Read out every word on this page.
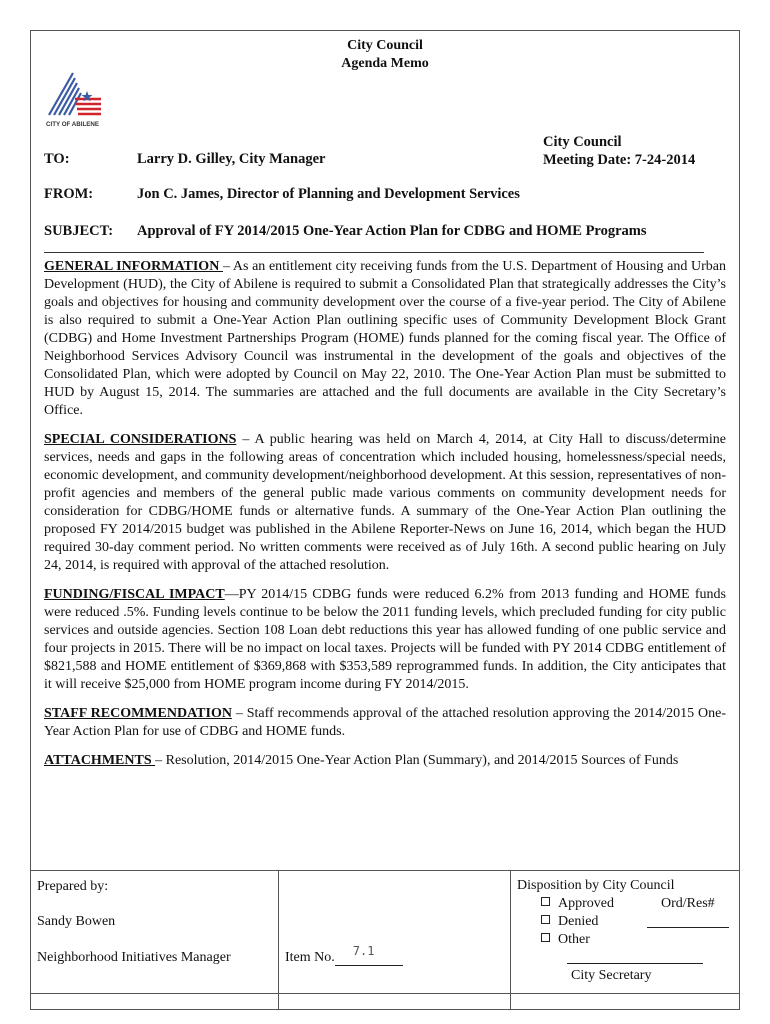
City Council
Agenda Memo
CITY OF ABILENE
City Council
Meeting Date: 7-24-2014
TO:	Larry D. Gilley, City Manager
FROM:	Jon C. James, Director of Planning and Development Services
SUBJECT: Approval of FY 2014/2015 One-Year Action Plan for CDBG and HOME Programs

GENERAL INFORMATION – As an entitlement city receiving funds from the U.S. Department of Housing and Urban Development (HUD), the City of Abilene is required to submit a Consolidated Plan that strategically addresses the City’s goals and objectives for housing and community development over the course of a five-year period. The City of Abilene is also required to submit a One-Year Action Plan outlining specific uses of Community Development Block Grant (CDBG) and Home Investment Partnerships Program (HOME) funds planned for the coming fiscal year. The Office of Neighborhood Services Advisory Council was instrumental in the development of the goals and objectives of the Consolidated Plan, which were adopted by Council on May 22, 2010. The One-Year Action Plan must be submitted to HUD by August 15, 2014. The summaries are attached and the full documents are available in the City Secretary’s Office.

SPECIAL CONSIDERATIONS – A public hearing was held on March 4, 2014, at City Hall to discuss/determine services, needs and gaps in the following areas of concentration which included housing, homelessness/special needs, economic development, and community development/neighborhood development. At this session, representatives of non-profit agencies and members of the general public made various comments on community development needs for consideration for CDBG/HOME funds or alternative funds. A summary of the One-Year Action Plan outlining the proposed FY 2014/2015 budget was published in the Abilene Reporter-News on June 16, 2014, which began the HUD required 30-day comment period. No written comments were received as of July 16th. A second public hearing on July 24, 2014, is required with approval of the attached resolution.

FUNDING/FISCAL IMPACT—PY 2014/15 CDBG funds were reduced 6.2% from 2013 funding and HOME funds were reduced .5%. Funding levels continue to be below the 2011 funding levels, which precluded funding for city public services and outside agencies. Section 108 Loan debt reductions this year has allowed funding of one public service and four projects in 2015. There will be no impact on local taxes. Projects will be funded with PY 2014 CDBG entitlement of $821,588 and HOME entitlement of $369,868 with $353,589 reprogrammed funds. In addition, the City anticipates that it will receive $25,000 from HOME program income during FY 2014/2015.

STAFF RECOMMENDATION – Staff recommends approval of the attached resolution approving the 2014/2015 One-Year Action Plan for use of CDBG and HOME funds.

ATTACHMENTS – Resolution, 2014/2015 One-Year Action Plan (Summary), and 2014/2015 Sources of Funds

Prepared by:
Sandy Bowen
Neighborhood Initiatives Manager	Item No. 7.1
Disposition by City Council
Approved
Denied
Other
Ord/Res#
City Secretary
